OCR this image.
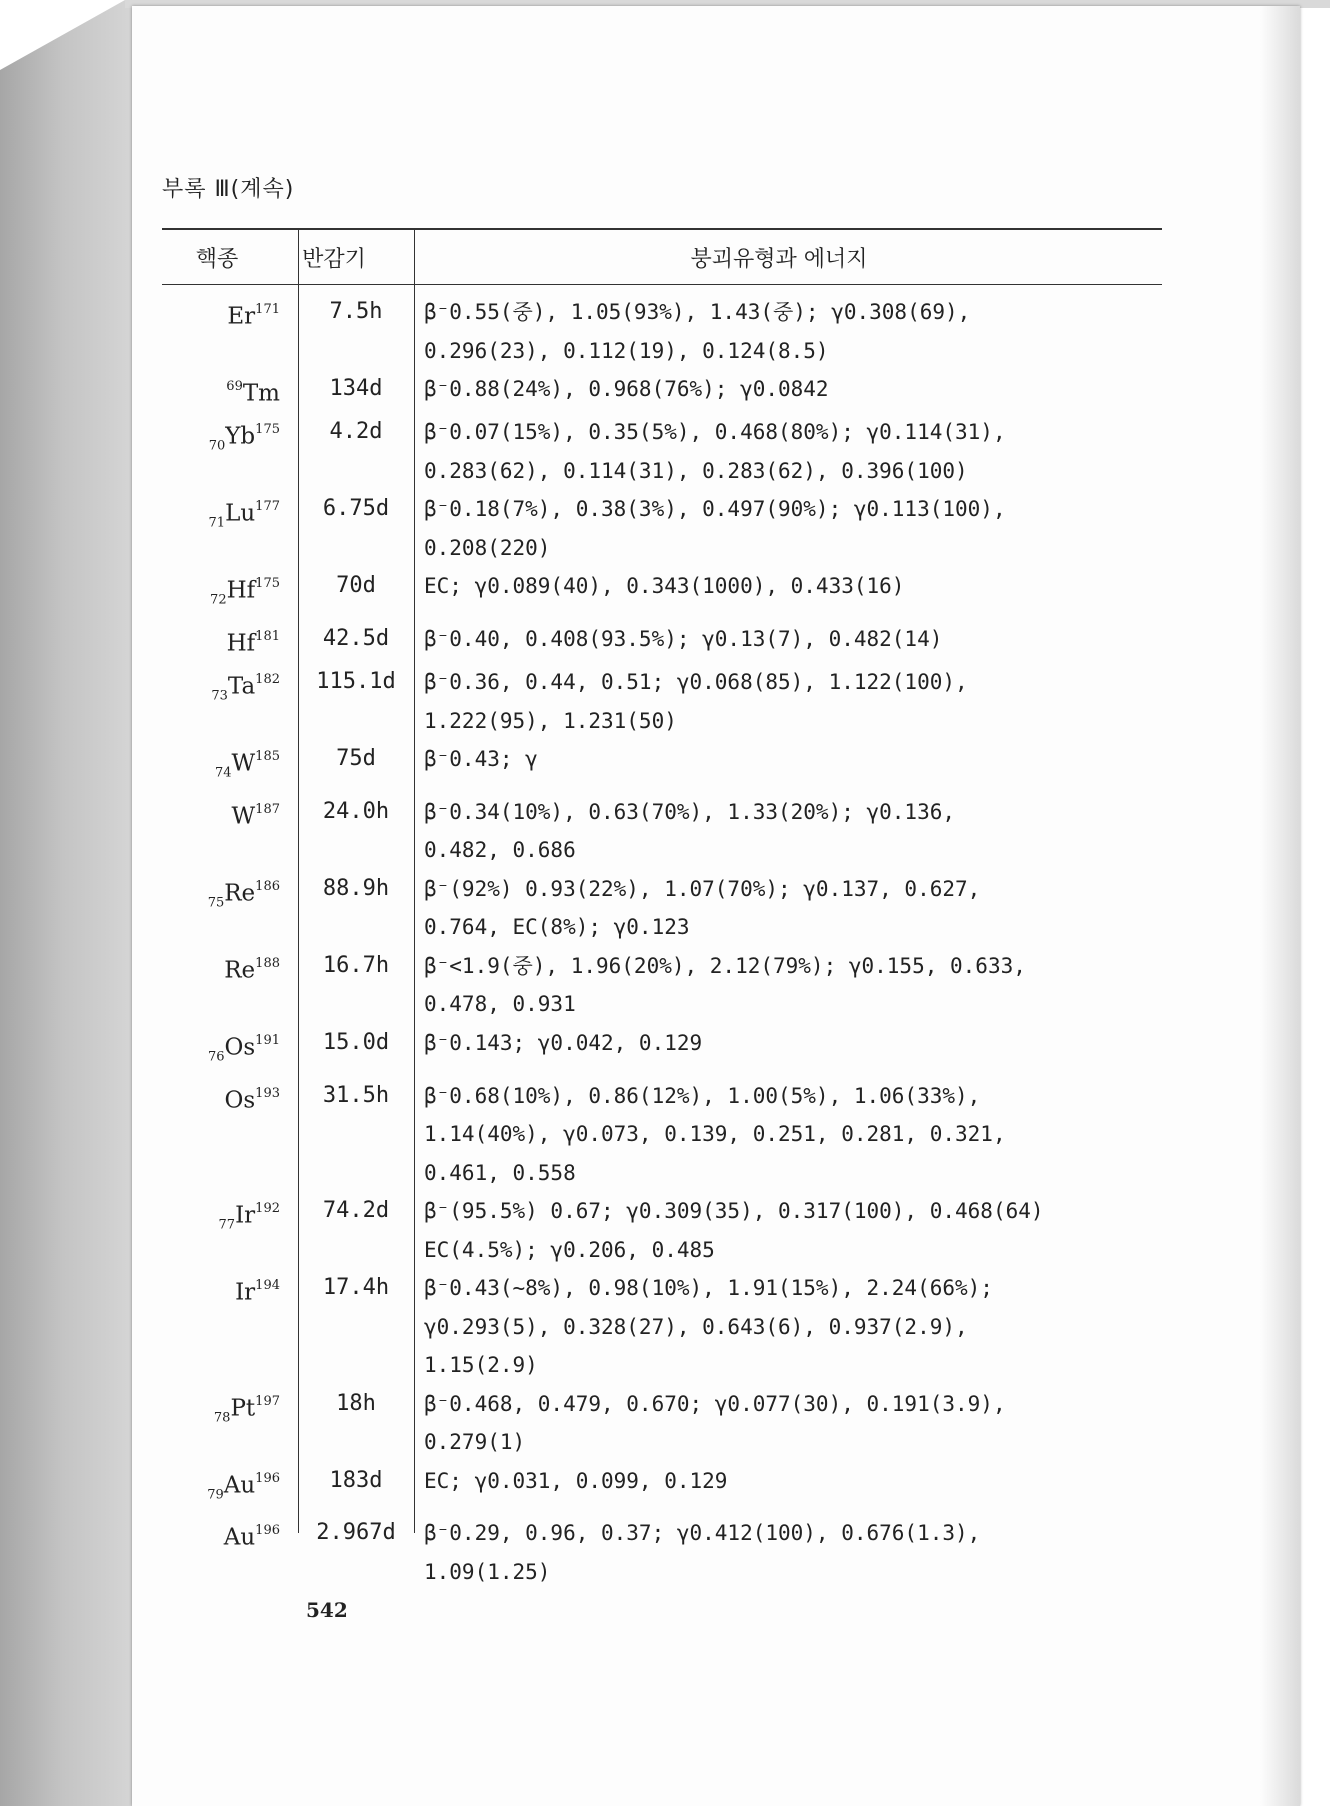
부록 Ⅲ(계속)
핵종	반감기	붕괴유형과 에너지
Er$^{171}$	7.5h	β⁻0.55(중), 1.05(93%), 1.43(중); γ0.308(69),
0.296(23), 0.112(19), 0.124(8.5)
$^{69}$Tm	134d	β⁻0.88(24%), 0.968(76%); γ0.0842
$_{70}Yb^{175}$	4.2d	β⁻0.07(15%), 0.35(5%), 0.468(80%); γ0.114(31),
0.283(62), 0.114(31), 0.283(62), 0.396(100)
$_{71}Lu^{177}$	6.75d	β⁻0.18(7%), 0.38(3%), 0.497(90%); γ0.113(100),
0.208(220)
$_{72}Hf^{175}$	70d	EC; γ0.089(40), 0.343(1000), 0.433(16)
Hf$^{181}$	42.5d	β⁻0.40, 0.408(93.5%); γ0.13(7), 0.482(14)
$_{73}Ta^{182}$	115.1d	β⁻0.36, 0.44, 0.51; γ0.068(85), 1.122(100),
1.222(95), 1.231(50)
$_{74}W^{185}$	75d	β⁻0.43; γ
$W^{187}$	24.0h	β⁻0.34(10%), 0.63(70%), 1.33(20%); γ0.136,
0.482, 0.686
$_{75}Re^{186}$	88.9h	β⁻(92%) 0.93(22%), 1.07(70%); γ0.137, 0.627,
0.764, EC(8%); γ0.123
Re$^{188}$	16.7h	β⁻<1.9(중), 1.96(20%), 2.12(79%); γ0.155, 0.633,
0.478, 0.931
$_{76}Os^{191}$	15.0d	β⁻0.143; γ0.042, 0.129
Os$^{193}$	31.5h	β⁻0.68(10%), 0.86(12%), 1.00(5%), 1.06(33%),
1.14(40%), γ0.073, 0.139, 0.251, 0.281, 0.321,
0.461, 0.558
$_{77}Ir^{192}$	74.2d	β⁻(95.5%) 0.67; γ0.309(35), 0.317(100), 0.468(64)
EC(4.5%); γ0.206, 0.485
Ir$^{194}$	17.4h	β⁻0.43(~8%), 0.98(10%), 1.91(15%), 2.24(66%);
γ0.293(5), 0.328(27), 0.643(6), 0.937(2.9),
1.15(2.9)
$_{78}Pt^{197}$	18h	β⁻0.468, 0.479, 0.670; γ0.077(30), 0.191(3.9),
0.279(1)
$_{79}Au^{196}$	183d	EC; γ0.031, 0.099, 0.129
Au$^{196}$	2.967d	β⁻0.29, 0.96, 0.37; γ0.412(100), 0.676(1.3),
1.09(1.25)
542
